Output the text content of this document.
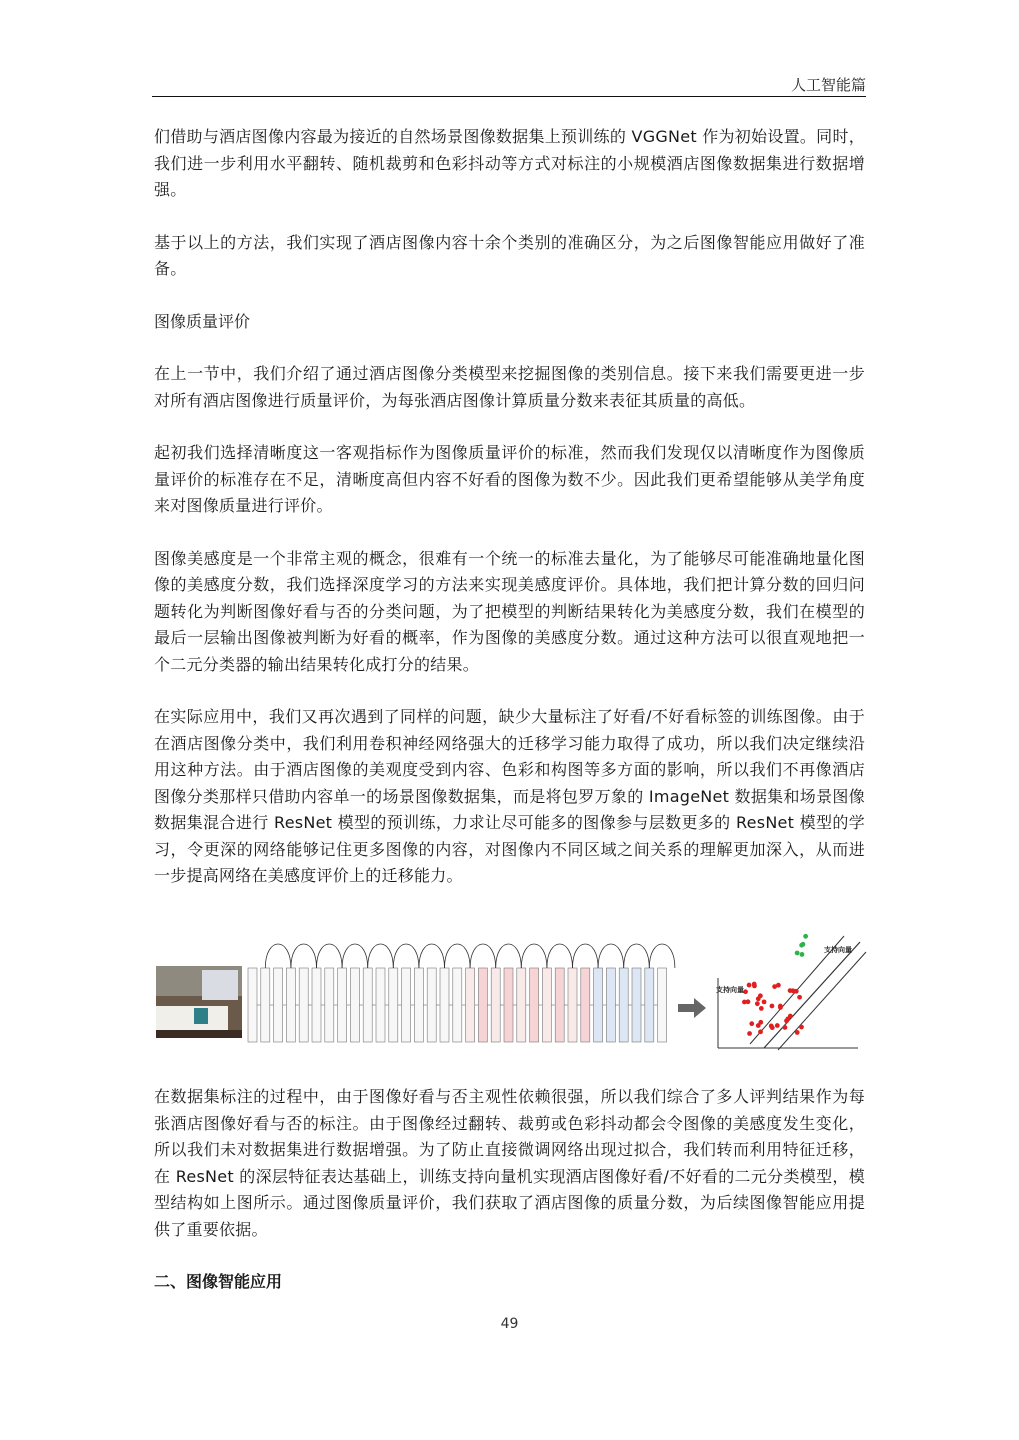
人工智能篇

们借助与酒店图像内容最为接近的自然场景图像数据集上预训练的 VGGNet 作为初始设置。同时，我们进一步利用水平翻转、随机裁剪和色彩抖动等方式对标注的小规模酒店图像数据集进行数据增强。

基于以上的方法，我们实现了酒店图像内容十余个类别的准确区分，为之后图像智能应用做好了准备。

图像质量评价

在上一节中，我们介绍了通过酒店图像分类模型来挖掘图像的类别信息。接下来我们需要更进一步对所有酒店图像进行质量评价，为每张酒店图像计算质量分数来表征其质量的高低。

起初我们选择清晰度这一客观指标作为图像质量评价的标准，然而我们发现仅以清晰度作为图像质量评价的标准存在不足，清晰度高但内容不好看的图像为数不少。因此我们更希望能够从美学角度来对图像质量进行评价。

图像美感度是一个非常主观的概念，很难有一个统一的标准去量化，为了能够尽可能准确地量化图像的美感度分数，我们选择深度学习的方法来实现美感度评价。具体地，我们把计算分数的回归问题转化为判断图像好看与否的分类问题，为了把模型的判断结果转化为美感度分数，我们在模型的最后一层输出图像被判断为好看的概率，作为图像的美感度分数。通过这种方法可以很直观地把一个二元分类器的输出结果转化成打分的结果。

在实际应用中，我们又再次遇到了同样的问题，缺少大量标注了好看/不好看标签的训练图像。由于在酒店图像分类中，我们利用卷积神经网络强大的迁移学习能力取得了成功，所以我们决定继续沿用这种方法。由于酒店图像的美观度受到内容、色彩和构图等多方面的影响，所以我们不再像酒店图像分类那样只借助内容单一的场景图像数据集，而是将包罗万象的 ImageNet 数据集和场景图像数据集混合进行 ResNet 模型的预训练，力求让尽可能多的图像参与层数更多的 ResNet 模型的学习，令更深的网络能够记住更多图像的内容，对图像内不同区域之间关系的理解更加深入，从而进一步提高网络在美感度评价上的迁移能力。

支持向量
支持向量

在数据集标注的过程中，由于图像好看与否主观性依赖很强，所以我们综合了多人评判结果作为每张酒店图像好看与否的标注。由于图像经过翻转、裁剪或色彩抖动都会令图像的美感度发生变化，所以我们未对数据集进行数据增强。为了防止直接微调网络出现过拟合，我们转而利用特征迁移，在 ResNet 的深层特征表达基础上，训练支持向量机实现酒店图像好看/不好看的二元分类模型，模型结构如上图所示。通过图像质量评价，我们获取了酒店图像的质量分数，为后续图像智能应用提供了重要依据。

二、图像智能应用

49
